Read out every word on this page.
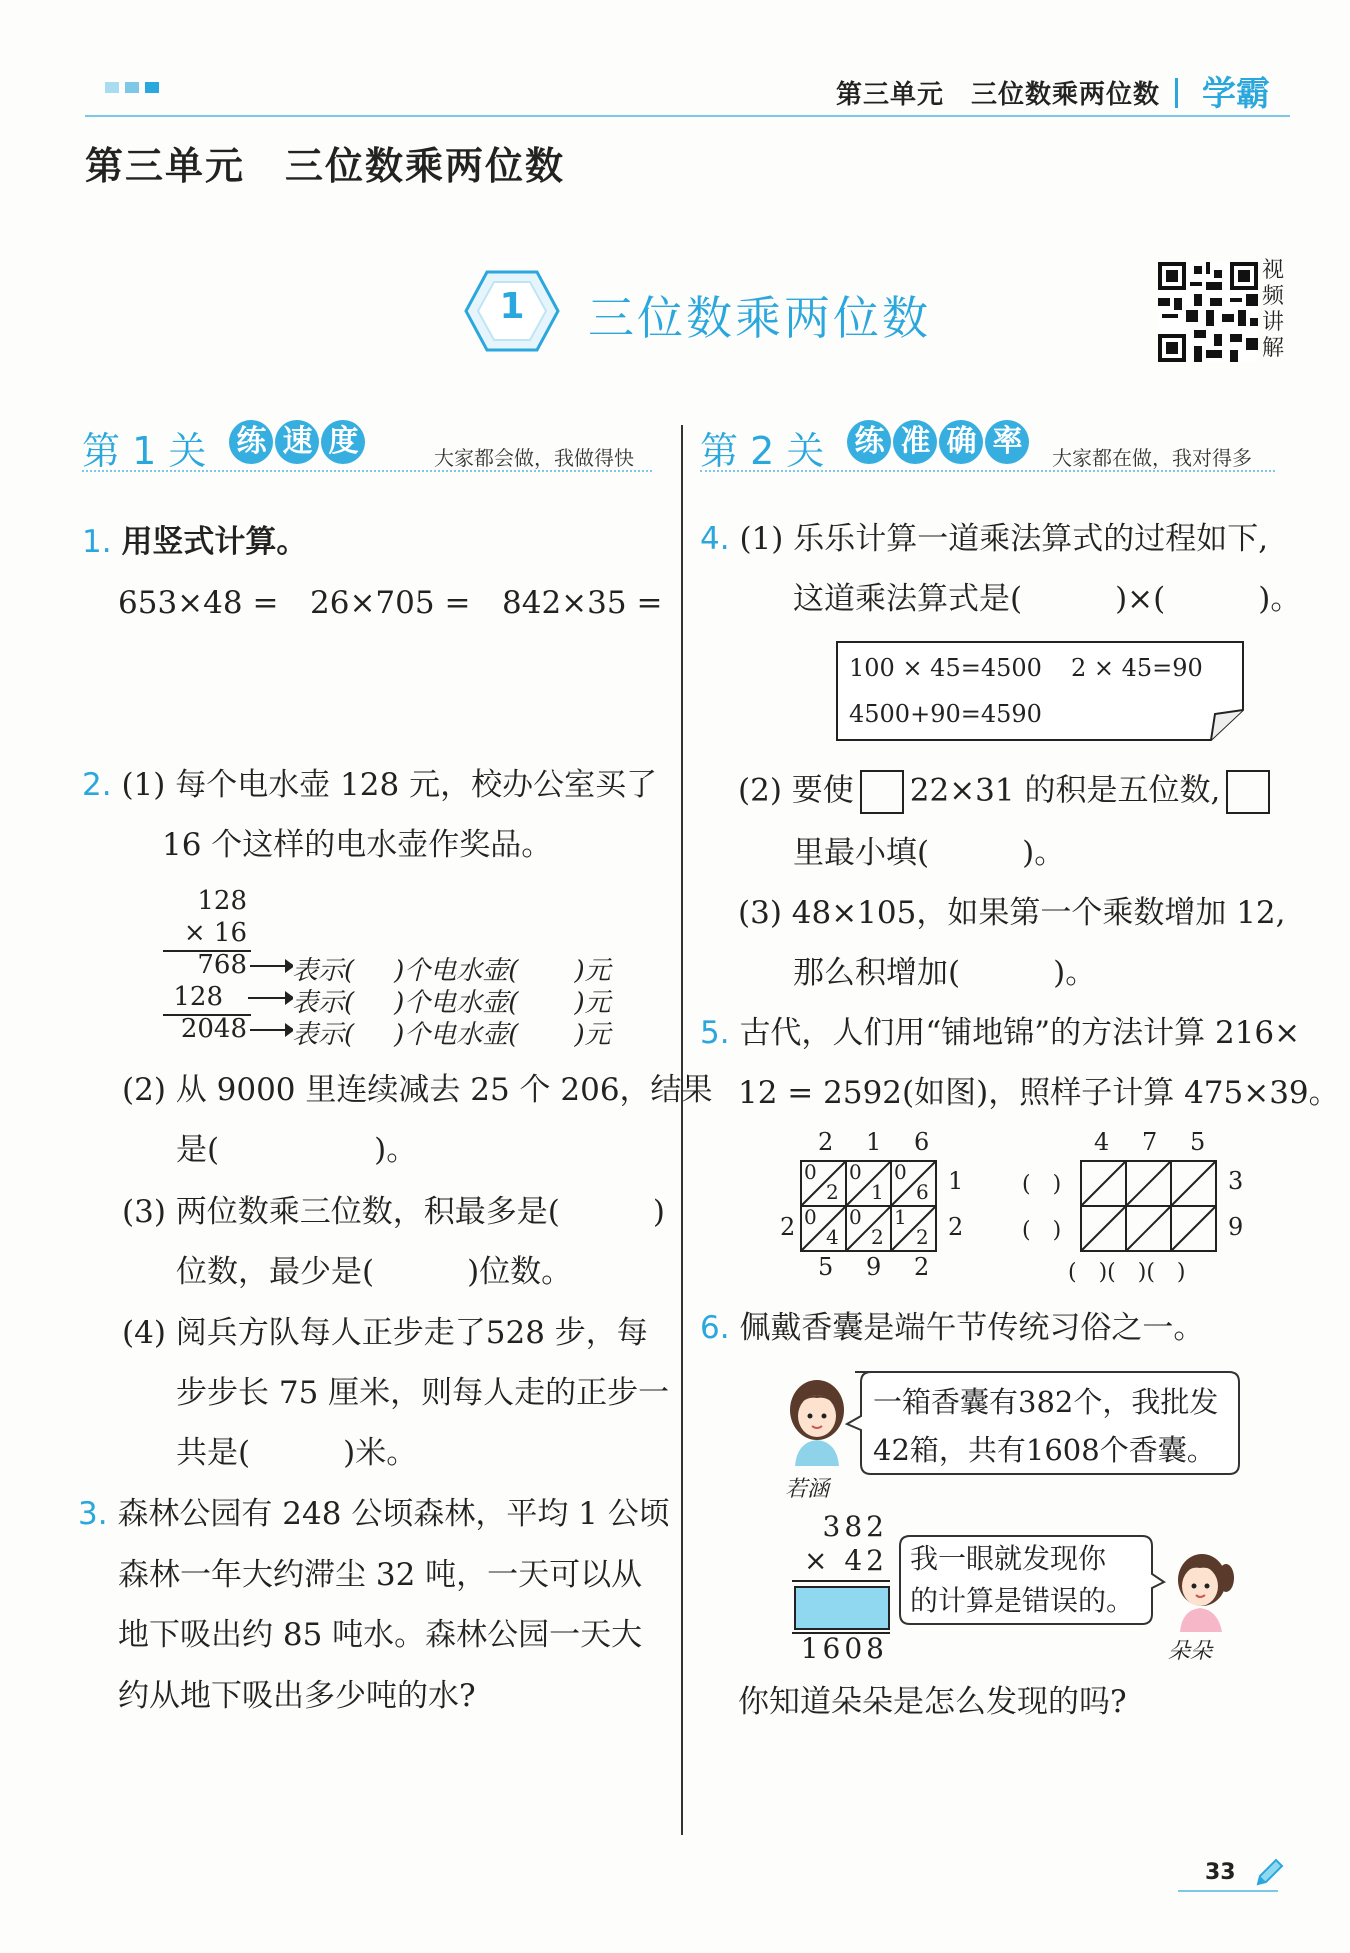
第三单元　三位数乘两位数 学霸
第三单元　三位数乘两位数
1	三位数乘两位数
视频讲解
第 1 关 练 速 度	大家都会做，我做得快 第 2 关 练 准 确 率 大家都在做，我对得多
1. 用竖式计算。
653×48 = 26×705 = 842×35 =
2. (1) 每个电水壶 128 元，校办公室买了
16 个这样的电水壶作奖品。
128
× 16
768
128
2048
表示( )个电水壶( )元
表示( )个电水壶( )元
表示( )个电水壶( )元
(2) 从 9000 里连续减去 25 个 206，结果
是(　　　　　)。
(3) 两位数乘三位数，积最多是(　　　)
位数，最少是(　　　)位数。
(4) 阅兵方队每人正步走了528 步，每
步步长 75 厘米，则每人走的正步一
共是(　　　)米。
3. 森林公园有 248 公顷森林，平均 1 公顷
森林一年大约滞尘 32 吨，一天可以从
地下吸出约 85 吨水。森林公园一天大
约从地下吸出多少吨的水?
4. (1) 乐乐计算一道乘法算式的过程如下,
这道乘法算式是(　　　)×(　　　)。
100 × 45=4500 2 × 45=90
4500+90=4590
(2) 要使 22×31 的积是五位数,
里最小填(　　　)。
(3) 48×105，如果第一个乘数增加 12,
那么积增加(　　　)。
5. 古代，人们用“铺地锦”的方法计算 216×
12 = 2592(如图)，照样子计算 475×39。
2 1 6
0
2
0
1
0
6
0
4
0
2
1
2
1
2
2
5 9 2
4 7 5
3
9
(　)
(　)
(　)(　)(　)
6. 佩戴香囊是端午节传统习俗之一。
一箱香囊有382个，我批发
42箱，共有1608个香囊。
若涵
382
× 42
1608
我一眼就发现你
的计算是错误的。
朵朵
你知道朵朵是怎么发现的吗?
33
